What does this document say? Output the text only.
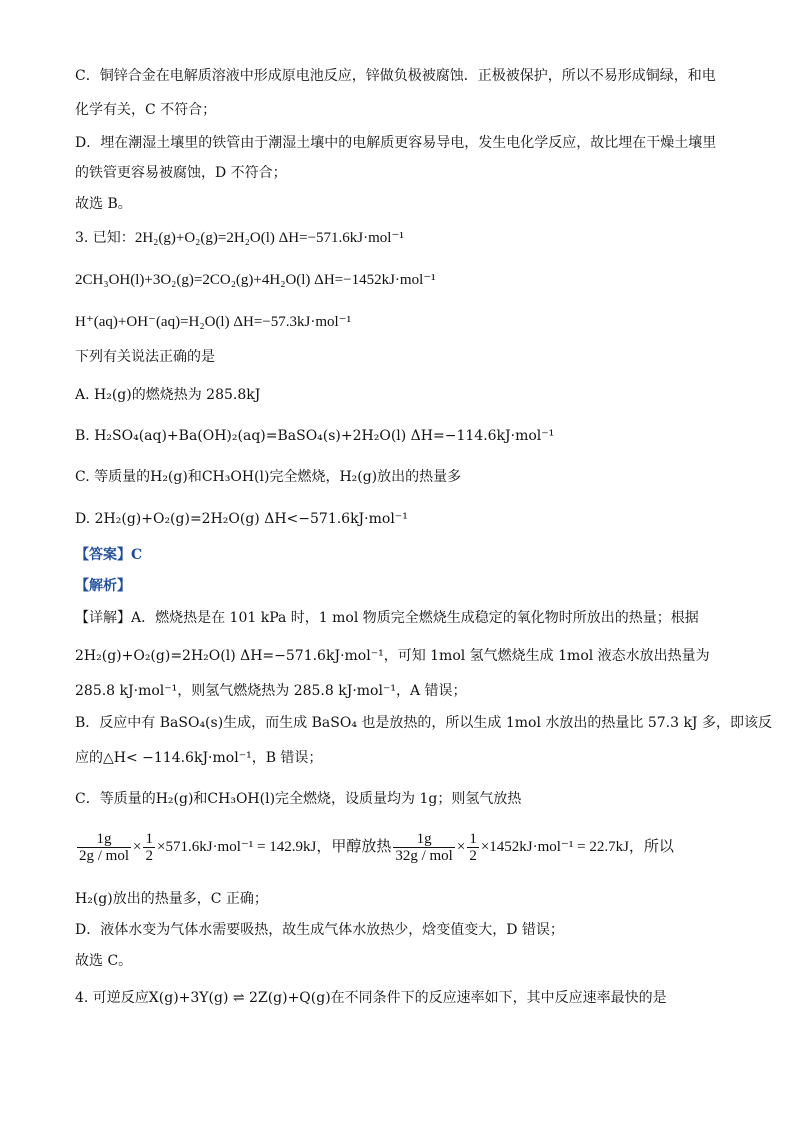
C．铜锌合金在电解质溶液中形成原电池反应，锌做负极被腐蚀．正极被保护，所以不易形成铜绿，和电
化学有关，C 不符合；
D．埋在潮湿土壤里的铁管由于潮湿土壤中的电解质更容易导电，发生电化学反应，故比埋在干燥土壤里
的铁管更容易被腐蚀，D 不符合；
故选 B。
3. 已知：2H₂(g)+O₂(g)=2H₂O(l) ΔH=−571.6kJ·mol⁻¹
2CH₃OH(l)+3O₂(g)=2CO₂(g)+4H₂O(l) ΔH=−1452kJ·mol⁻¹
H⁺(aq)+OH⁻(aq)=H₂O(l) ΔH=−57.3kJ·mol⁻¹
下列有关说法正确的是
A. H₂(g)的燃烧热为 285.8kJ
B. H₂SO₄(aq)+Ba(OH)₂(aq)=BaSO₄(s)+2H₂O(l) ΔH=−114.6kJ·mol⁻¹
C. 等质量的H₂(g)和CH₃OH(l)完全燃烧，H₂(g)放出的热量多
D. 2H₂(g)+O₂(g)=2H₂O(g) ΔH<−571.6kJ·mol⁻¹
【答案】C
【解析】
【详解】A．燃烧热是在 101 kPa 时，1 mol 物质完全燃烧生成稳定的氧化物时所放出的热量；根据
2H₂(g)+O₂(g)=2H₂O(l) ΔH=−571.6kJ·mol⁻¹，可知 1mol 氢气燃烧生成 1mol 液态水放出热量为
285.8 kJ·mol⁻¹，则氢气燃烧热为 285.8 kJ·mol⁻¹，A 错误；
B．反应中有 BaSO₄(s)生成，而生成 BaSO₄ 也是放热的，所以生成 1mol 水放出的热量比 57.3 kJ 多，即该反
应的△H< −114.6kJ·mol⁻¹，B 错误；
C．等质量的H₂(g)和CH₃OH(l)完全燃烧，设质量均为 1g；则氢气放热
$\frac{1g}{\text{2g / mol}} \times \frac{1}{2} \times 571.6kJ\cdot mol^{-1} = 142.9kJ$，甲醇放热 $\frac{1g}{\text{32g / mol}} \times \frac{1}{2} \times 1452kJ\cdot mol^{-1} = 22.7kJ$，所以
H₂(g)放出的热量多，C 正确；
D．液体水变为气体水需要吸热，故生成气体水放热少，焓变值变大，D 错误；
故选 C。
4. 可逆反应X(g)+3Y(g) ⇌ 2Z(g)+Q(g)在不同条件下的反应速率如下，其中反应速率最快的是
